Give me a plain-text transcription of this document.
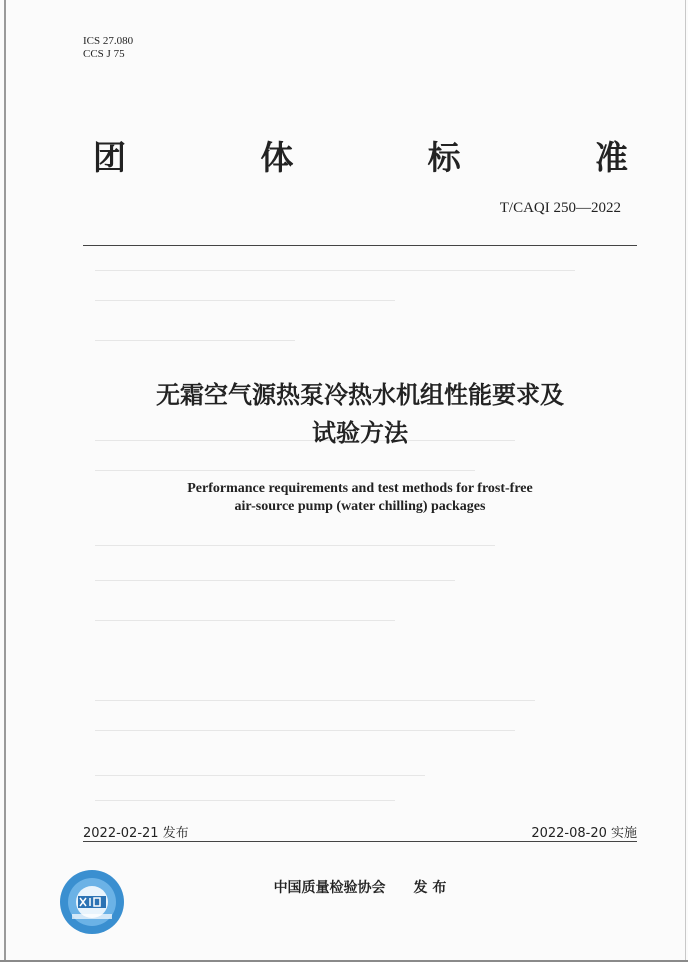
ICS 27.080
CCS J 75
团	体	标	准
T/CAQI 250—2022
无霜空气源热泵冷热水机组性能要求及
试验方法
Performance requirements and test methods for frost-free
air-source pump (water chilling) packages
2022-02-21 发布	2022-08-20 实施
中国质量检验协会　　发 布
